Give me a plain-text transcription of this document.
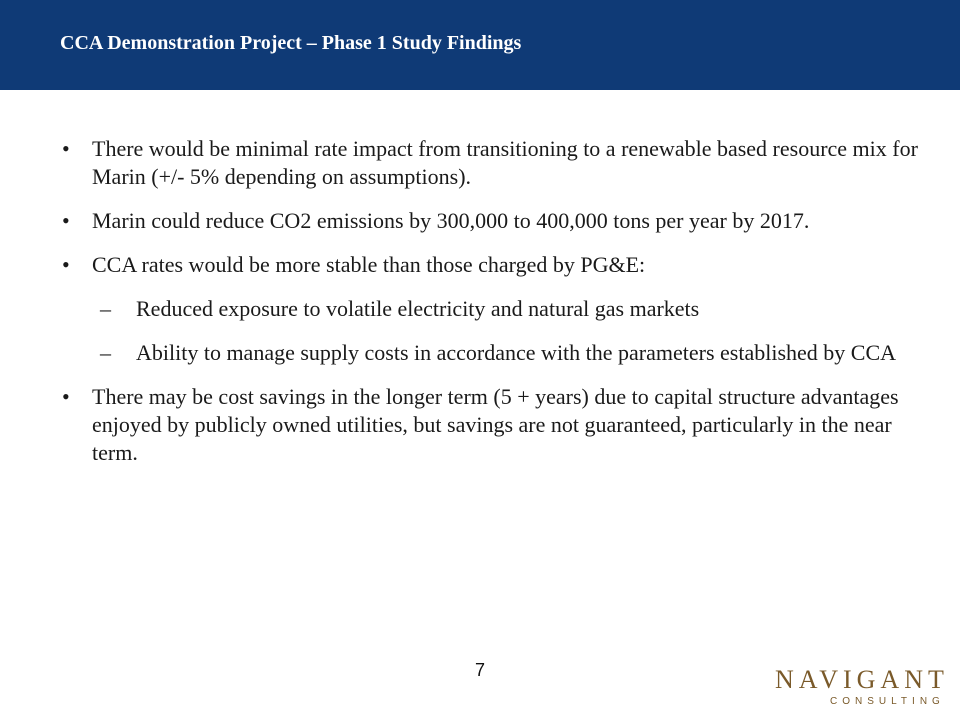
CCA Demonstration Project – Phase 1 Study Findings
• There would be minimal rate impact from transitioning to a renewable based resource mix for Marin (+/- 5% depending on assumptions).
• Marin could reduce CO2 emissions by 300,000 to 400,000 tons per year by 2017.
• CCA rates would be more stable than those charged by PG&E:
– Reduced exposure to volatile electricity and natural gas markets
– Ability to manage supply costs in accordance with the parameters established by CCA
• There may be cost savings in the longer term (5 + years) due to capital structure advantages enjoyed by publicly owned utilities, but savings are not guaranteed, particularly in the near term.
7	NAVIGANT
CONSULTING
